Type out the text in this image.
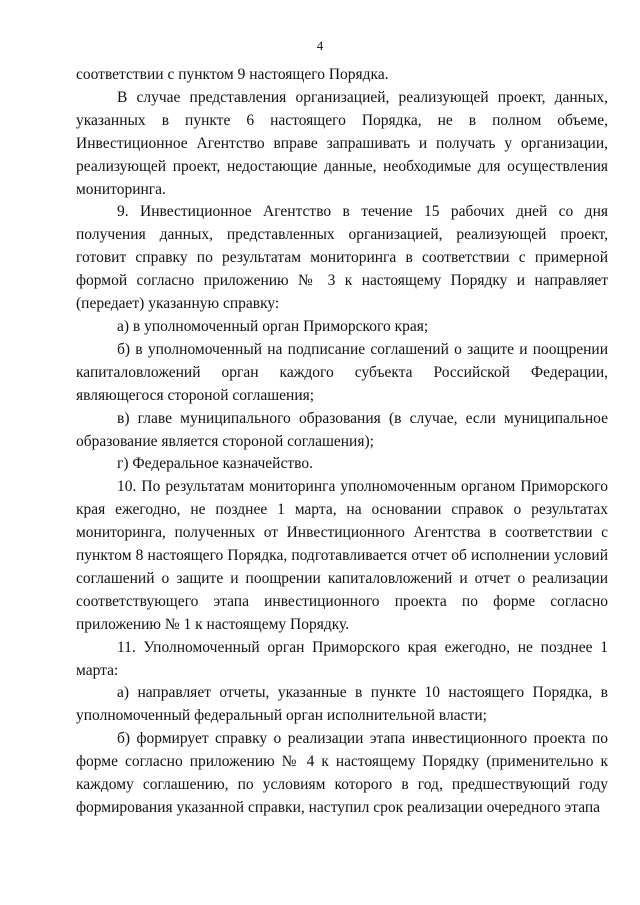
4

соответствии с пунктом 9 настоящего Порядка.

В случае представления организацией, реализующей проект, данных, указанных в пункте 6 настоящего Порядка, не в полном объеме, Инвестиционное Агентство вправе запрашивать и получать у организации, реализующей проект, недостающие данные, необходимые для осуществления мониторинга.

9. Инвестиционное Агентство в течение 15 рабочих дней со дня получения данных, представленных организацией, реализующей проект, готовит справку по результатам мониторинга в соответствии с примерной формой согласно приложению № 3 к настоящему Порядку и направляет (передает) указанную справку:

а) в уполномоченный орган Приморского края;

б) в уполномоченный на подписание соглашений о защите и поощрении капиталовложений орган каждого субъекта Российской Федерации, являющегося стороной соглашения;

в) главе муниципального образования (в случае, если муниципальное образование является стороной соглашения);

г) Федеральное казначейство.

10. По результатам мониторинга уполномоченным органом Приморского края ежегодно, не позднее 1 марта, на основании справок о результатах мониторинга, полученных от Инвестиционного Агентства в соответствии с пунктом 8 настоящего Порядка, подготавливается отчет об исполнении условий соглашений о защите и поощрении капиталовложений и отчет о реализации соответствующего этапа инвестиционного проекта по форме согласно приложению № 1 к настоящему Порядку.

11. Уполномоченный орган Приморского края ежегодно, не позднее 1 марта:

а) направляет отчеты, указанные в пункте 10 настоящего Порядка, в уполномоченный федеральный орган исполнительной власти;

б) формирует справку о реализации этапа инвестиционного проекта по форме согласно приложению № 4 к настоящему Порядку (применительно к каждому соглашению, по условиям которого в год, предшествующий году формирования указанной справки, наступил срок реализации очередного этапа
